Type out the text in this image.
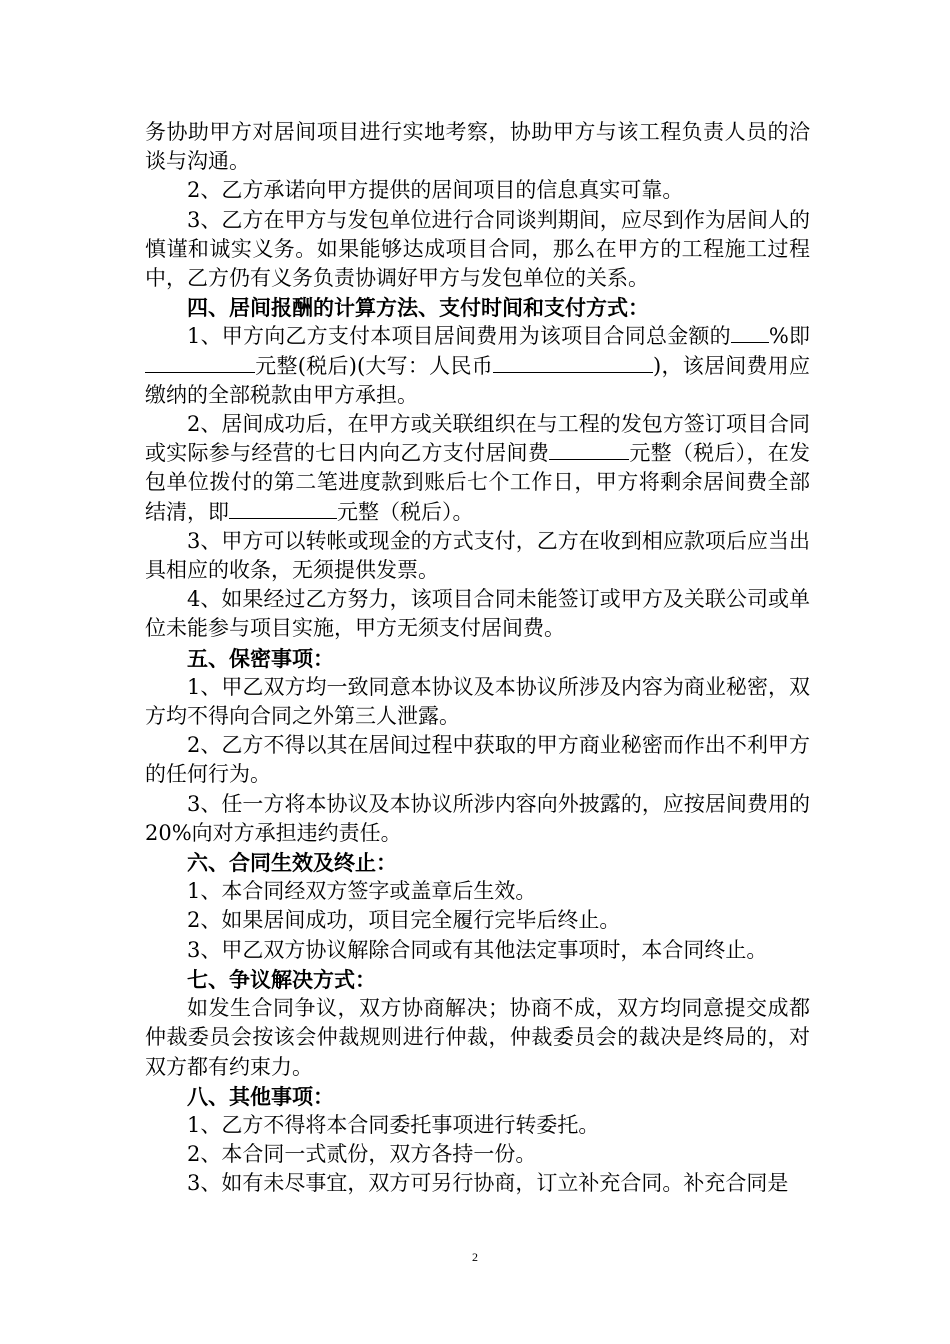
务协助甲方对居间项目进行实地考察，协助甲方与该工程负责人员的洽谈与沟通。

2、乙方承诺向甲方提供的居间项目的信息真实可靠。

3、乙方在甲方与发包单位进行合同谈判期间，应尽到作为居间人的慎谨和诚实义务。如果能够达成项目合同，那么在甲方的工程施工过程中，乙方仍有义务负责协调好甲方与发包单位的关系。

四、居间报酬的计算方法、支付时间和支付方式：

1、甲方向乙方支付本项目居间费用为该项目合同总金额的 %即元整(税后)(大写：人民币	)，该居间费用应缴纳的全部税款由甲方承担。

2、居间成功后，在甲方或关联组织在与工程的发包方签订项目合同或实际参与经营的七日内向乙方支付居间费	元整（税后），在发包单位拨付的第二笔进度款到账后七个工作日，甲方将剩余居间费全部结清，即	元整（税后）。

3、甲方可以转帐或现金的方式支付，乙方在收到相应款项后应当出具相应的收条，无须提供发票。

4、如果经过乙方努力，该项目合同未能签订或甲方及关联公司或单位未能参与项目实施，甲方无须支付居间费。

五、保密事项：

1、甲乙双方均一致同意本协议及本协议所涉及内容为商业秘密，双方均不得向合同之外第三人泄露。

2、乙方不得以其在居间过程中获取的甲方商业秘密而作出不利甲方的任何行为。

3、任一方将本协议及本协议所涉内容向外披露的，应按居间费用的20%向对方承担违约责任。

六、合同生效及终止：

1、本合同经双方签字或盖章后生效。

2、如果居间成功，项目完全履行完毕后终止。

3、甲乙双方协议解除合同或有其他法定事项时，本合同终止。

七、争议解决方式：

如发生合同争议，双方协商解决；协商不成，双方均同意提交成都仲裁委员会按该会仲裁规则进行仲裁，仲裁委员会的裁决是终局的，对双方都有约束力。

八、其他事项：

1、乙方不得将本合同委托事项进行转委托。

2、本合同一式贰份，双方各持一份。

3、如有未尽事宜，双方可另行协商，订立补充合同。补充合同是

2
